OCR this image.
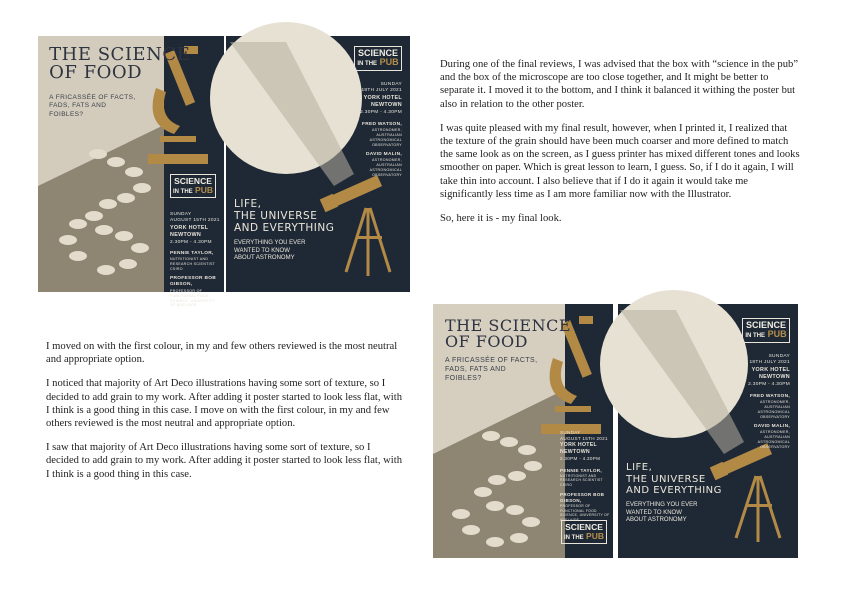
THE SCIENCE
OF FOOD
A FRICASSÉE OF FACTS,
FADS, FATS AND
FOIBLES?
SCIENCE
IN THE PUB
SUNDAY
AUGUST 15TH 2021
YORK HOTEL
NEWTOWN
2.30PM - 4.30PM
PENNIE TAYLOR,
NUTRITIONIST AND RESEARCH SCIENTIST CSIRO
PROFESSOR BOB GIBSON,
PROFESSOR OF FUNCTIONAL FOOD SCIENCE, UNIVERSITY OF ADELAIDE
SCIENCE
IN THE PUB
SUNDAY
18TH JULY 2021
YORK HOTEL
NEWTOWN
2.30PM - 4.30PM
FRED WATSON,
ASTRONOMER, AUSTRALIAN ASTRONOMICAL OBSERVATORY
DAVID MALIN,
ASTRONOMER, AUSTRALIAN ASTRONOMICAL OBSERVATORY
LIFE,
THE UNIVERSE
AND EVERYTHING
EVERYTHING YOU EVER
WANTED TO KNOW
ABOUT ASTRONOMY

During one of the final reviews, I was advised that the box with “science in the pub” and the box of the microscope are too close together, and It might be better to separate it. I moved it to the bottom, and I think it balanced it withing the poster but also in relation to the other poster.

I was quite pleased with my final result, however, when I printed it, I realized that the texture of the grain should have been much coarser and more defined to match the same look as on the screen, as I guess printer has mixed different tones and looks smoother on paper. Which is great lesson to learn, I guess. So, if I do it again, I will take thin into account. I also believe that if I do it again it would take me significantly less time as I am more familiar now with the Illustrator.

So, here it is - my final look.

I moved on with the first colour, in my and few others reviewed is the most neutral and appropriate option.

I noticed that majority of Art Deco illustrations having some sort of texture, so I decided to add grain to my work. After adding it poster started to look less flat, with I think is a good thing in this case. I move on with the first colour, in my and few others reviewed is the most neutral and appropriate option.

I saw that majority of Art Deco illustrations having some sort of texture, so I decided to add grain to my work. After adding it poster started to look less flat, with I think is a good thing in this case.

THE SCIENCE
OF FOOD
A FRICASSÉE OF FACTS,
FADS, FATS AND
FOIBLES?
SUNDAY
AUGUST 15TH 2021
YORK HOTEL
NEWTOWN
2.30PM - 4.30PM
PENNIE TAYLOR,
NUTRITIONIST AND RESEARCH SCIENTIST CSIRO
PROFESSOR BOB GIBSON,
PROFESSOR OF FUNCTIONAL FOOD SCIENCE, UNIVERSITY OF ADELAIDE
SCIENCE
IN THE PUB
SCIENCE
IN THE PUB
SUNDAY
18TH JULY 2021
YORK HOTEL
NEWTOWN
2.30PM - 4.30PM
FRED WATSON,
ASTRONOMER, AUSTRALIAN ASTRONOMICAL OBSERVATORY
DAVID MALIN,
ASTRONOMER, AUSTRALIAN ASTRONOMICAL OBSERVATORY
LIFE,
THE UNIVERSE
AND EVERYTHING
EVERYTHING YOU EVER
WANTED TO KNOW
ABOUT ASTRONOMY
